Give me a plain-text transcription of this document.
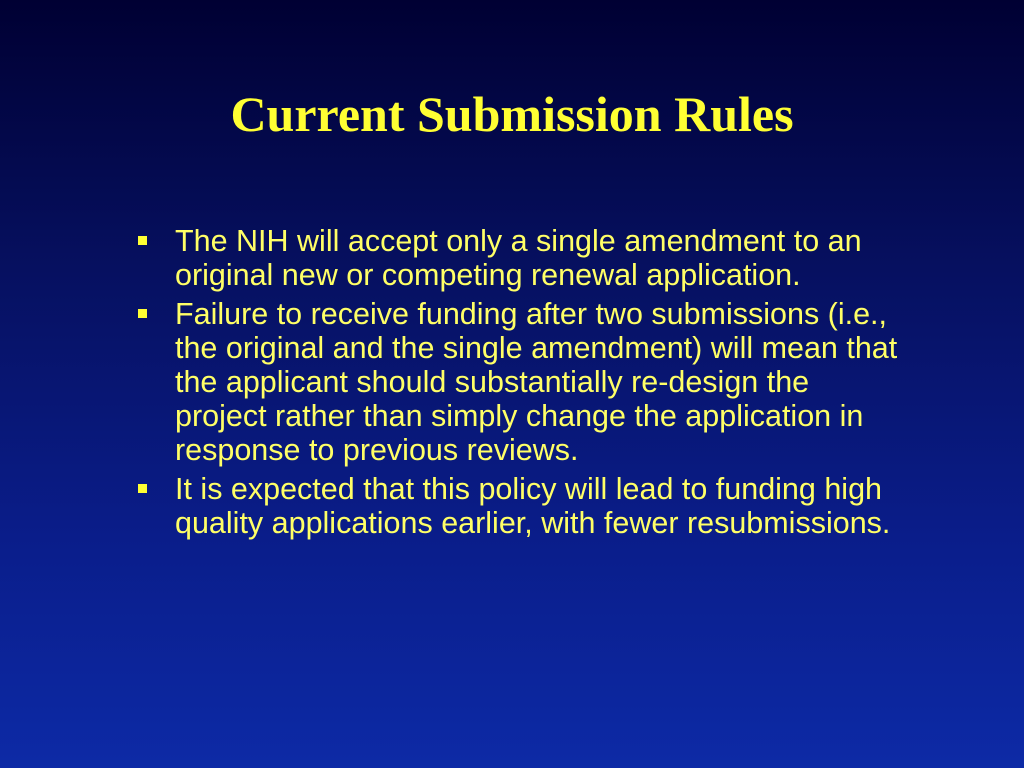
Current Submission Rules
The NIH will accept only a single amendment to an original new or competing renewal application.
Failure to receive funding after two submissions (i.e., the original and the single amendment) will mean that the applicant should substantially re-design the project rather than simply change the application in response to previous reviews.
It is expected that this policy will lead to funding high quality applications earlier, with fewer resubmissions.
